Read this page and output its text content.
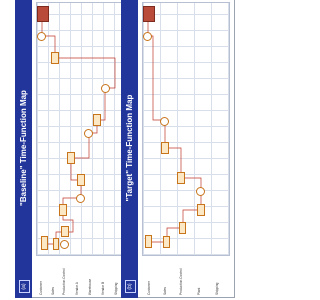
(a)
"Baseline" Time-Function Map
Customer	Sales Production Control	Vendor A	Warehouse	Vendor B	Shipping	(b)
"Target" Time-Function Map
Customer	Sales	Production Control	Plant	Shipping
